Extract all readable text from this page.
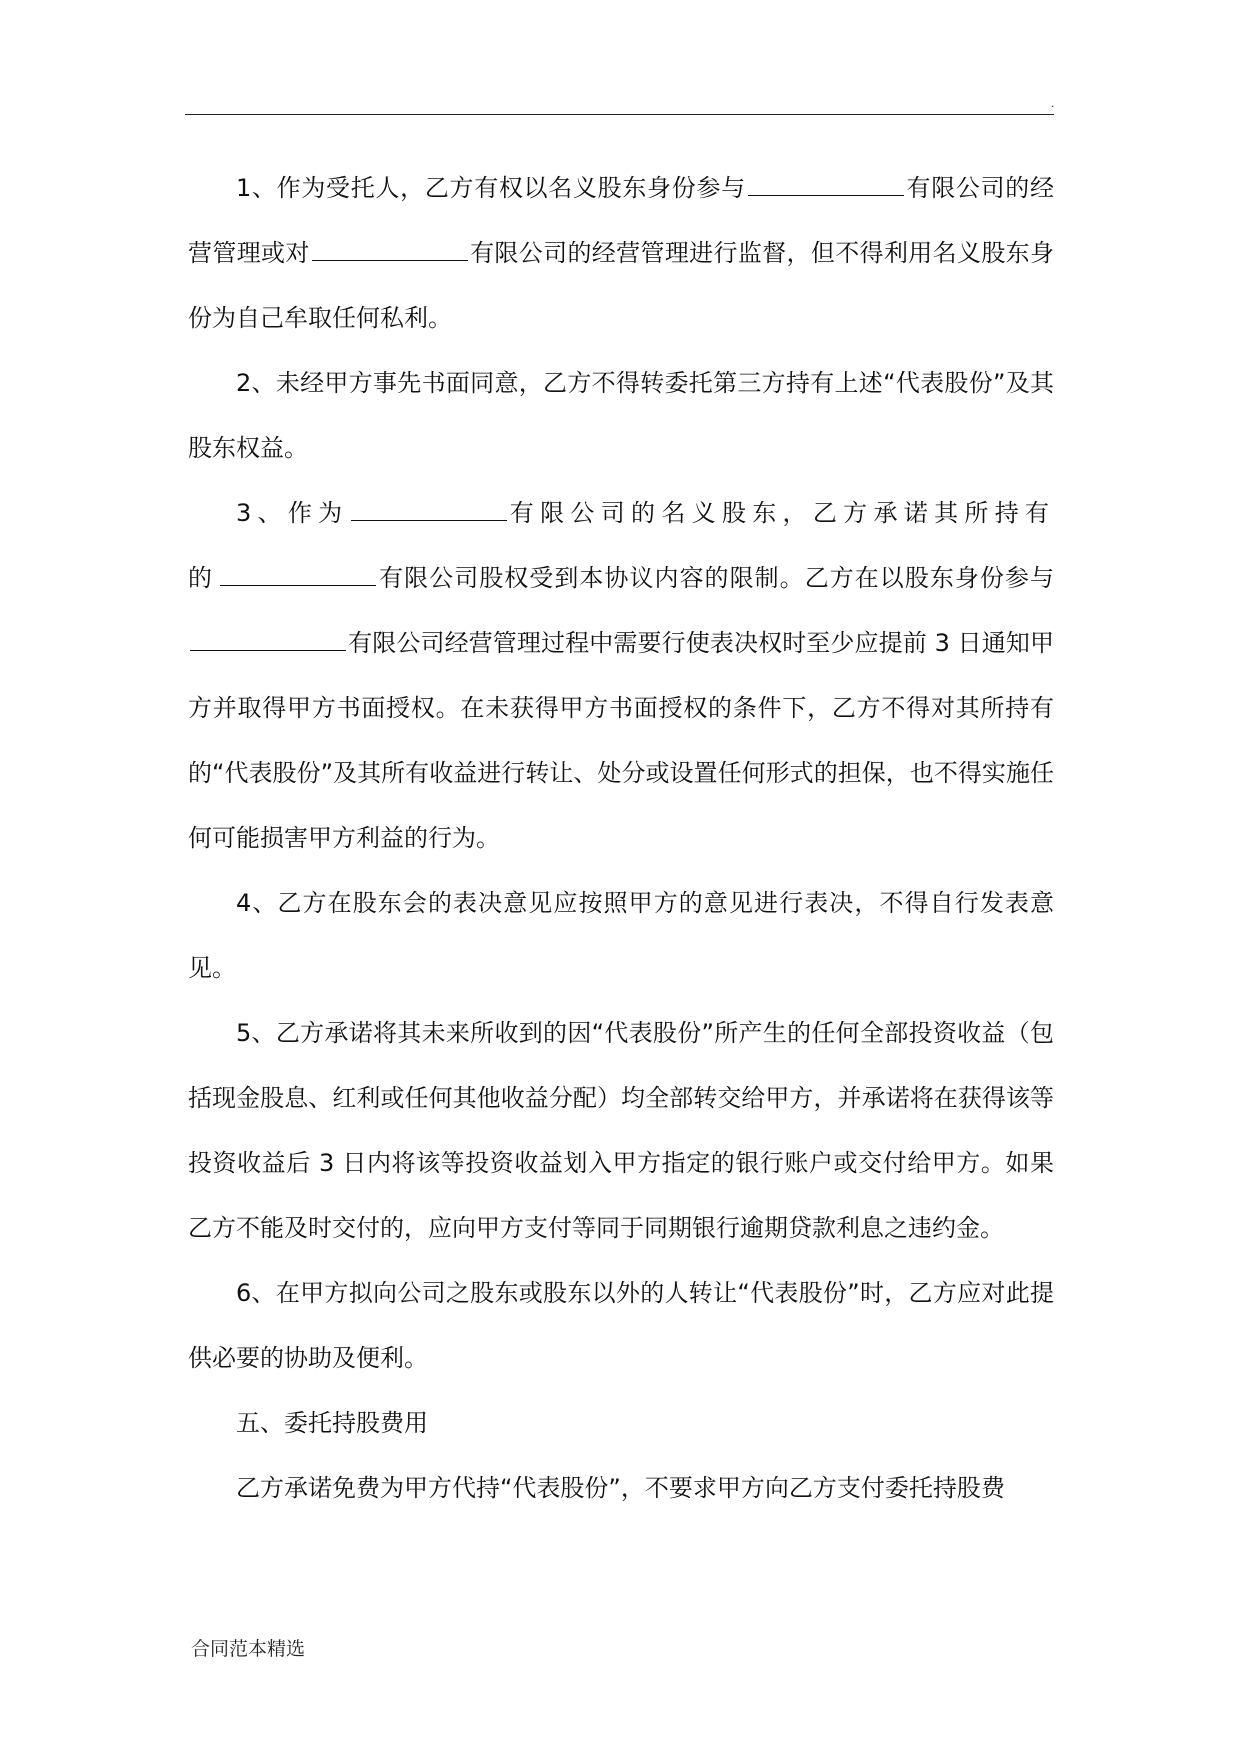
.

1、作为受托人，乙方有权以名义股东身份参与	有限公司的经营管理或对	有限公司的经营管理进行监督，但不得利用名义股东身份为自己牟取任何私利。

2、未经甲方事先书面同意，乙方不得转委托第三方持有上述“代表股份”及其股东权益。

3、作为	有限公司的名义股东，乙方承诺其所持有的	有限公司股权受到本协议内容的限制。乙方在以股东身份参与有限公司经营管理过程中需要行使表决权时至少应提前 3 日通知甲方并取得甲方书面授权。在未获得甲方书面授权的条件下，乙方不得对其所持有的“代表股份”及其所有收益进行转让、处分或设置任何形式的担保，也不得实施任何可能损害甲方利益的行为。

4、乙方在股东会的表决意见应按照甲方的意见进行表决，不得自行发表意见。

5、乙方承诺将其未来所收到的因“代表股份”所产生的任何全部投资收益（包括现金股息、红利或任何其他收益分配）均全部转交给甲方，并承诺将在获得该等投资收益后 3 日内将该等投资收益划入甲方指定的银行账户或交付给甲方。如果乙方不能及时交付的，应向甲方支付等同于同期银行逾期贷款利息之违约金。

6、在甲方拟向公司之股东或股东以外的人转让“代表股份”时，乙方应对此提供必要的协助及便利。

五、委托持股费用

乙方承诺免费为甲方代持“代表股份”，不要求甲方向乙方支付委托持股费

合同范本精选
